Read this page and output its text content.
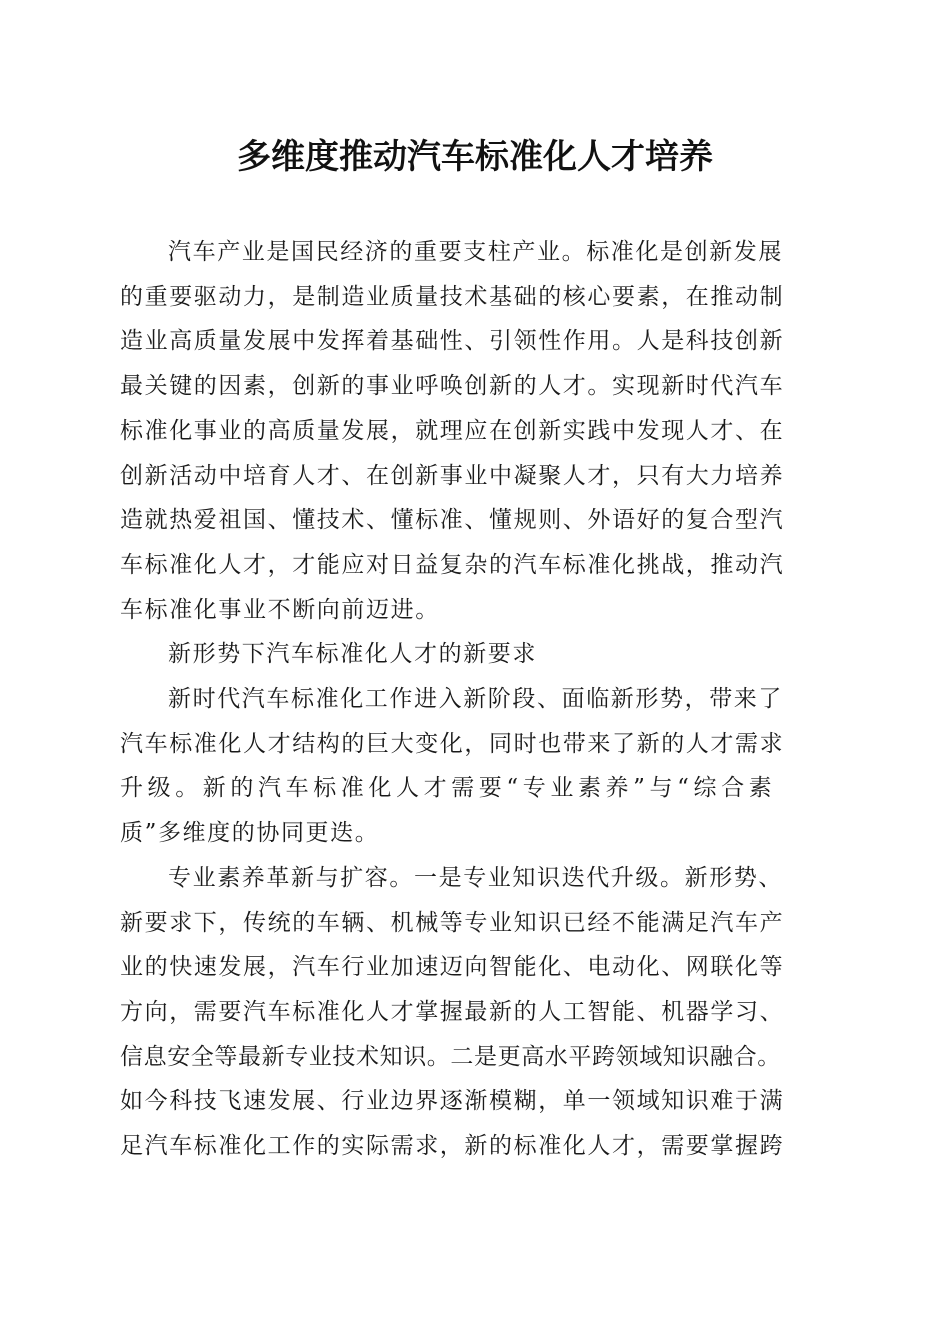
多维度推动汽车标准化人才培养

汽车产业是国民经济的重要支柱产业。标准化是创新发展
的重要驱动力，是制造业质量技术基础的核心要素，在推动制
造业高质量发展中发挥着基础性、引领性作用。人是科技创新
最关键的因素，创新的事业呼唤创新的人才。实现新时代汽车
标准化事业的高质量发展，就理应在创新实践中发现人才、在
创新活动中培育人才、在创新事业中凝聚人才，只有大力培养
造就热爱祖国、懂技术、懂标准、懂规则、外语好的复合型汽
车标准化人才，才能应对日益复杂的汽车标准化挑战，推动汽
车标准化事业不断向前迈进。

新形势下汽车标准化人才的新要求

新时代汽车标准化工作进入新阶段、面临新形势，带来了
汽车标准化人才结构的巨大变化，同时也带来了新的人才需求
升级。新的汽车标准化人才需要“专业素养”与“综合素
质”多维度的协同更迭。

专业素养革新与扩容。一是专业知识迭代升级。新形势、
新要求下，传统的车辆、机械等专业知识已经不能满足汽车产
业的快速发展，汽车行业加速迈向智能化、电动化、网联化等
方向，需要汽车标准化人才掌握最新的人工智能、机器学习、
信息安全等最新专业技术知识。二是更高水平跨领域知识融合。
如今科技飞速发展、行业边界逐渐模糊，单一领域知识难于满
足汽车标准化工作的实际需求，新的标准化人才，需要掌握跨
